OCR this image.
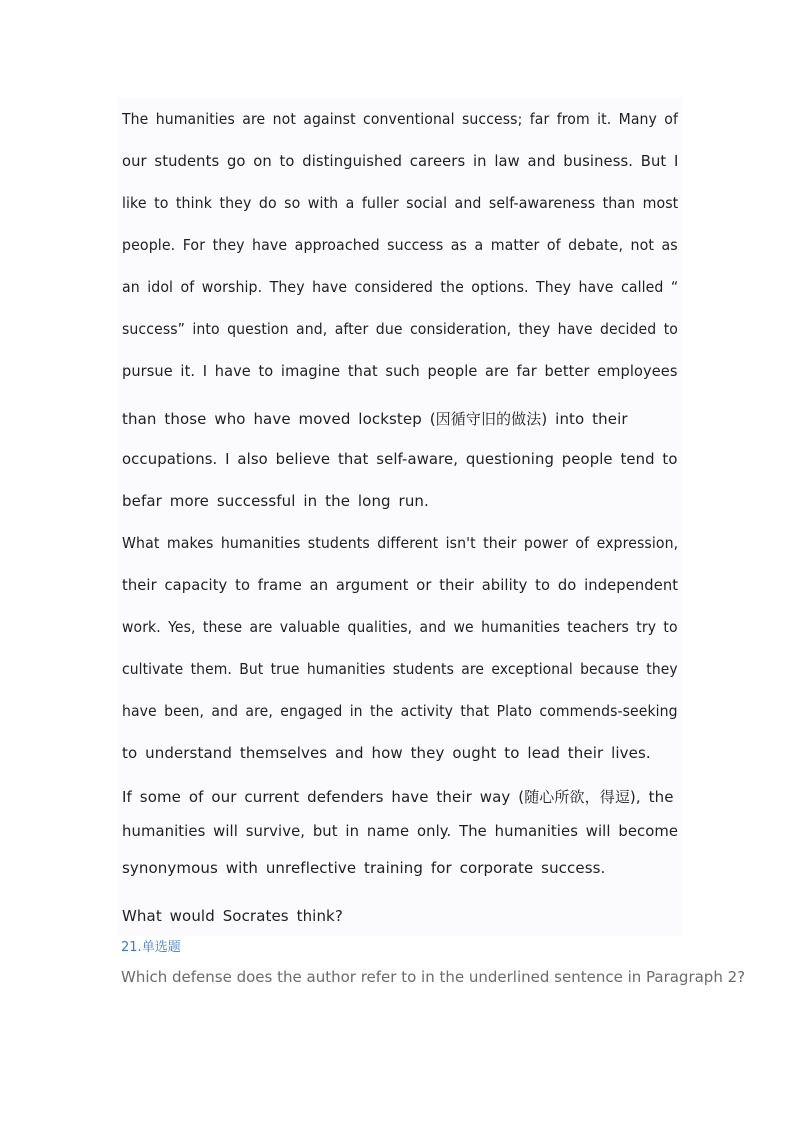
The humanities are not against conventional success; far from it. Many of
our students go on to distinguished careers in law and business. But I
like to think they do so with a fuller social and self-awareness than most
people. For they have approached success as a matter of debate, not as
an idol of worship. They have considered the options. They have called “
success” into question and, after due consideration, they have decided to
pursue it. I have to imagine that such people are far better employees
than those who have moved lockstep (因循守旧的做法) into their
occupations. I also believe that self-aware, questioning people tend to
befar more successful in the long run.
What makes humanities students different isn't their power of expression,
their capacity to frame an argument or their ability to do independent
work. Yes, these are valuable qualities, and we humanities teachers try to
cultivate them. But true humanities students are exceptional because they
have been, and are, engaged in the activity that Plato commends-seeking
to understand themselves and how they ought to lead their lives.
If some of our current defenders have their way (随心所欲，得逗), the
humanities will survive, but in name only. The humanities will become
synonymous with unreflective training for corporate success.
What would Socrates think?
21.单选题
Which defense does the author refer to in the underlined sentence in Paragraph 2?
